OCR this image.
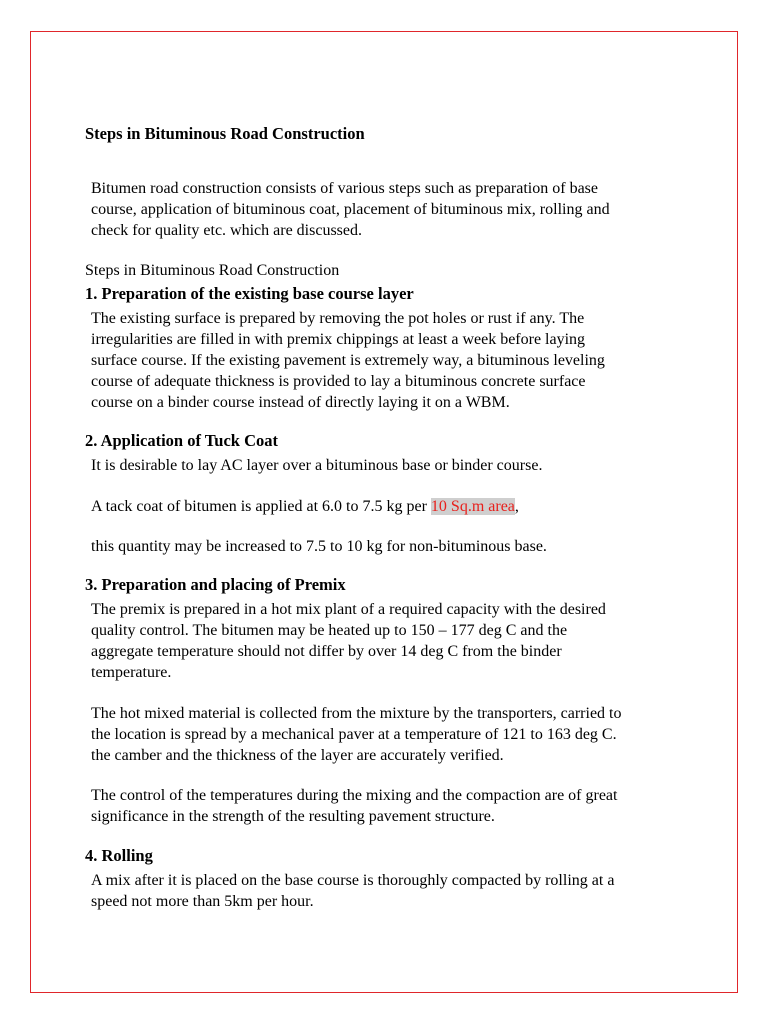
Steps in Bituminous Road Construction
Bitumen road construction consists of various steps such as preparation of base
course, application of bituminous coat, placement of bituminous mix, rolling and
check for quality etc. which are discussed.
Steps in Bituminous Road Construction
1. Preparation of the existing base course layer
The existing surface is prepared by removing the pot holes or rust if any. The
irregularities are filled in with premix chippings at least a week before laying
surface course. If the existing pavement is extremely way, a bituminous leveling
course of adequate thickness is provided to lay a bituminous concrete surface
course on a binder course instead of directly laying it on a WBM.
2. Application of Tuck Coat
It is desirable to lay AC layer over a bituminous base or binder course.
A tack coat of bitumen is applied at 6.0 to 7.5 kg per 10 Sq.m area,
this quantity may be increased to 7.5 to 10 kg for non-bituminous base.
3. Preparation and placing of Premix
The premix is prepared in a hot mix plant of a required capacity with the desired
quality control. The bitumen may be heated up to 150 – 177 deg C and the
aggregate temperature should not differ by over 14 deg C from the binder
temperature.
The hot mixed material is collected from the mixture by the transporters, carried to
the location is spread by a mechanical paver at a temperature of 121 to 163 deg C.
the camber and the thickness of the layer are accurately verified.
The control of the temperatures during the mixing and the compaction are of great
significance in the strength of the resulting pavement structure.
4. Rolling
A mix after it is placed on the base course is thoroughly compacted by rolling at a
speed not more than 5km per hour.
